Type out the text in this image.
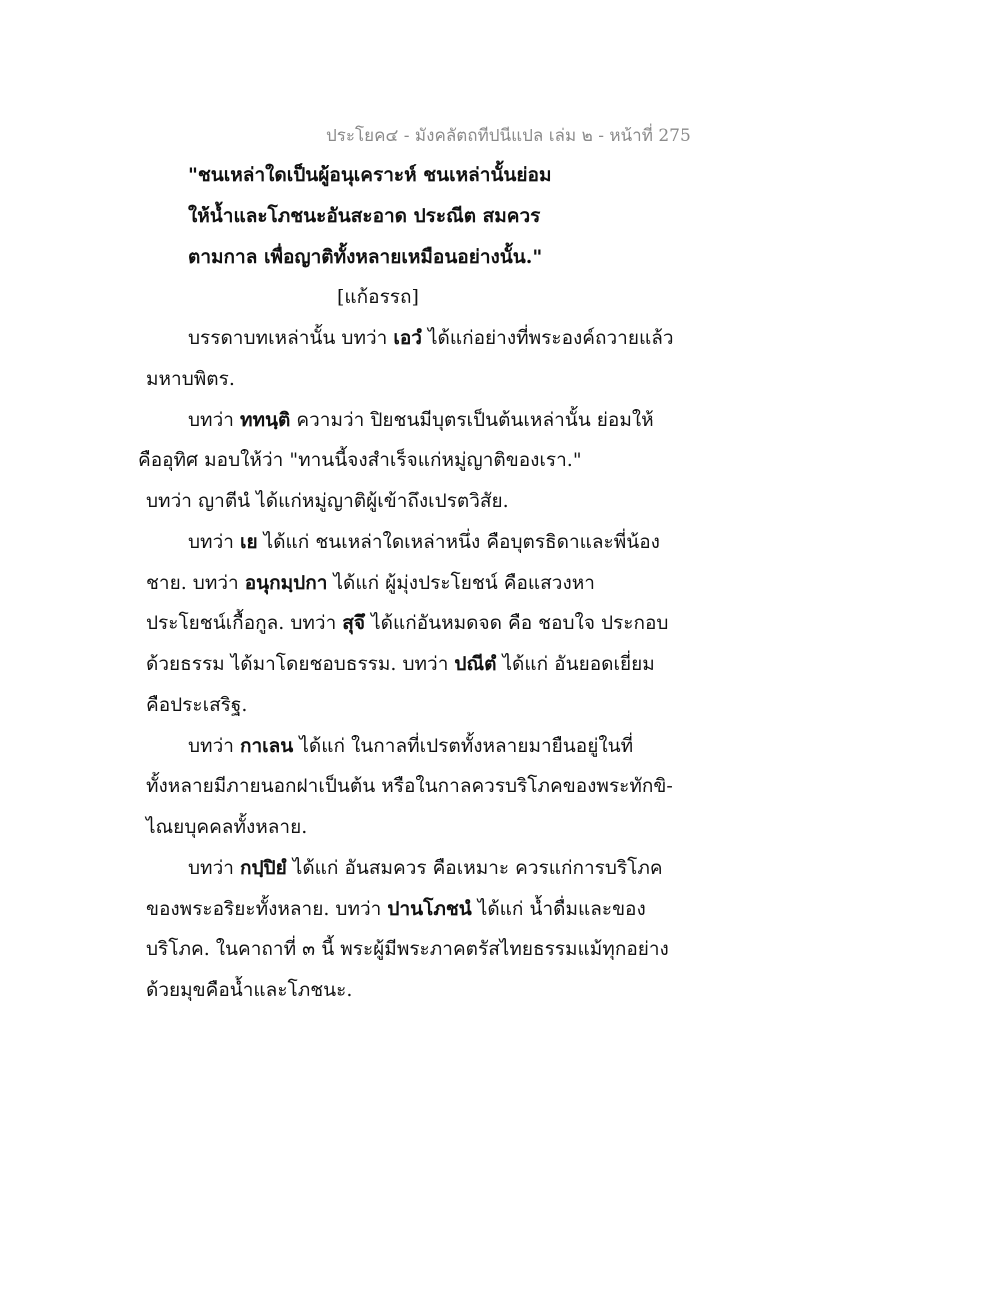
ประโยค๔ - มังคลัตถทีปนีแปล เล่ม ๒ - หน้าที่ 275
"ชนเหล่าใดเป็นผู้อนุเคราะห์ ชนเหล่านั้นย่อม
ให้น้ำและโภชนะอันสะอาด ประณีต สมควร
ตามกาล เพื่อญาติทั้งหลายเหมือนอย่างนั้น."
[แก้อรรถ]
บรรดาบทเหล่านั้น บทว่า เอวํ ได้แก่อย่างที่พระองค์ถวายแล้ว
มหาบพิตร.
บทว่า ททนฺติ ความว่า ปิยชนมีบุตรเป็นต้นเหล่านั้น ย่อมให้
คืออุทิศ มอบให้ว่า "ทานนี้จงสำเร็จแก่หมู่ญาติของเรา."
บทว่า ญาตีนํ ได้แก่หมู่ญาติผู้เข้าถึงเปรตวิสัย.
บทว่า เย ได้แก่ ชนเหล่าใดเหล่าหนึ่ง คือบุตรธิดาและพี่น้อง
ชาย. บทว่า อนุกมฺปกา ได้แก่ ผู้มุ่งประโยชน์ คือแสวงหา
ประโยชน์เกื้อกูล. บทว่า สุจึ ได้แก่อันหมดจด คือ ชอบใจ ประกอบ
ด้วยธรรม ได้มาโดยชอบธรรม. บทว่า ปณีตํ ได้แก่ อันยอดเยี่ยม
คือประเสริฐ.
บทว่า กาเลน ได้แก่ ในกาลที่เปรตทั้งหลายมายืนอยู่ในที่
ทั้งหลายมีภายนอกฝาเป็นต้น หรือในกาลควรบริโภคของพระทักขิ-
ไณยบุคคลทั้งหลาย.
บทว่า กปฺปิยํ ได้แก่ อันสมควร คือเหมาะ ควรแก่การบริโภค
ของพระอริยะทั้งหลาย. บทว่า ปานโภชนํ ได้แก่ น้ำดื่มและของ
บริโภค. ในคาถาที่ ๓ นี้ พระผู้มีพระภาคตรัสไทยธรรมแม้ทุกอย่าง
ด้วยมุขคือน้ำและโภชนะ.
